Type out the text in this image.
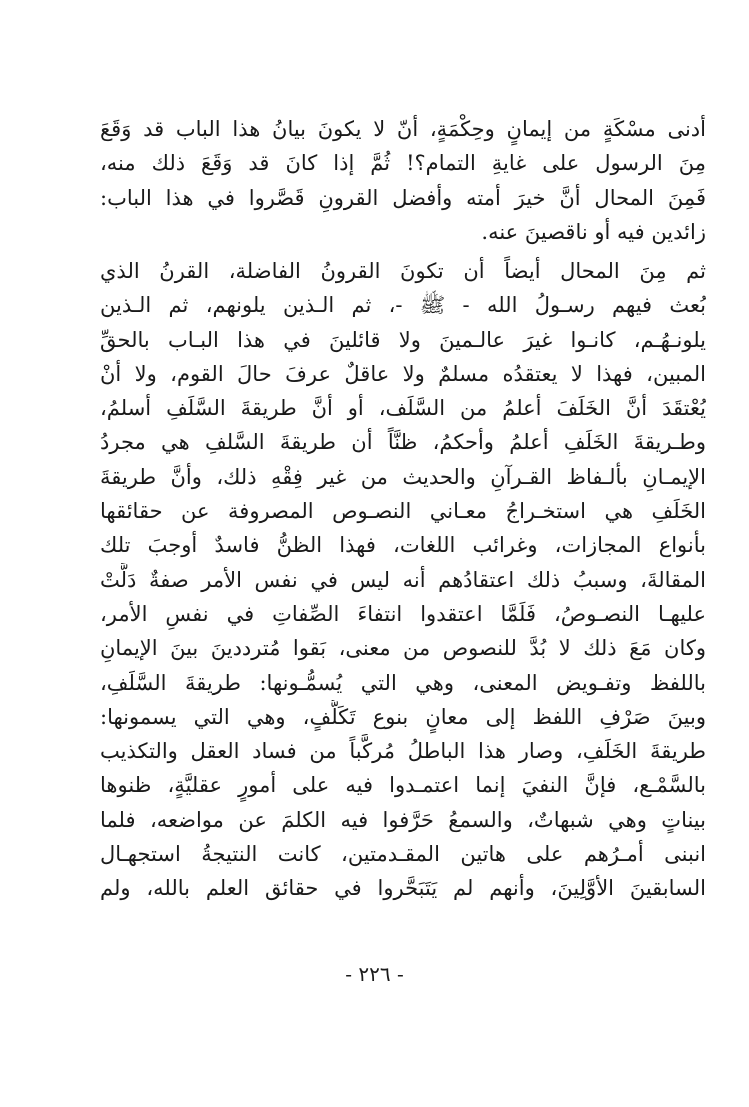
أدنى مسْكَةٍ من إيمانٍ وحِكْمَةٍ، أنّ لا يكونَ بيانُ هذا الباب قد وَقَعَ
مِنَ الرسول على غايةِ التمام؟! ثُمَّ إذا كانَ قد وَقَعَ ذلك منه،
فَمِنَ المحال أنَّ خيرَ أمته وأفضل القرونِ قَصَّروا في هذا الباب:
زائدين فيه أو ناقصينَ عنه.
ثم مِنَ المحال أيضاً أن تكونَ القرونُ الفاضلة، القرنُ الذي
بُعث فيهم رسـولُ الله - ﷺ -، ثم الـذين يلونهم، ثم الـذين
يلونـهُـم، كانـوا غيرَ عالـمينَ ولا قائلينَ في هذا البـاب بالحقِّ
المبين، فهذا لا يعتقدُه مسلمٌ ولا عاقلٌ عرفَ حالَ القوم، ولا أنْ
يُعْتقَدَ أنَّ الخَلَفَ أعلمُ من السَّلَف، أو أنَّ طريقةَ السَّلَفِ أسلمُ،
وطـريقةَ الخَلَفِ أعلمُ وأحكمُ، ظنَّاً أن طريقةَ السَّلفِ هي مجردُ
الإيمـانِ بألـفاظ القـرآنِ والحديث من غير فِقْهِ ذلك، وأنَّ طريقةَ
الخَلَفِ هي استخـراجُ معـاني النصـوص المصروفة عن حقائقها
بأنواع المجازات، وغرائب اللغات، فهذا الظنُّ فاسدٌ أوجبَ تلك
المقالةَ، وسببُ ذلك اعتقادُهم أنه ليس في نفس الأمر صفةٌ دَلَّتْ
عليهـا النصـوصُ، فَلَمَّا اعتقدوا انتفاءَ الصِّفاتِ في نفسِ الأمر،
وكان مَعَ ذلك لا بُدَّ للنصوص من معنى، بَقوا مُترددينَ بينَ الإيمانِ
باللفظ وتفـويض المعنى، وهي التي يُسمُّـونها: طريقةَ السَّلَفِ،
وبينَ صَرْفِ اللفظ إلى معانٍ بنوع تَكَلُّفٍ، وهي التي يسمونها:
طريقةَ الخَلَفِ، وصار هذا الباطلُ مُركَّباً من فساد العقل والتكذيب
بالسَّمْـع، فإنَّ النفيَ إنما اعتمـدوا فيه على أمورٍ عقليَّةٍ، ظنوها
بيناتٍ وهي شبهاتٌ، والسمعُ حَرَّفوا فيه الكلمَ عن مواضعه، فلما
انبنى أمـرُهم على هاتين المقـدمتين، كانت النتيجةُ استجهـال
السابقينَ الأوَّلِينَ، وأنهم لم يَتَبَحَّروا في حقائق العلم بالله، ولم
- ٢٢٦ -
